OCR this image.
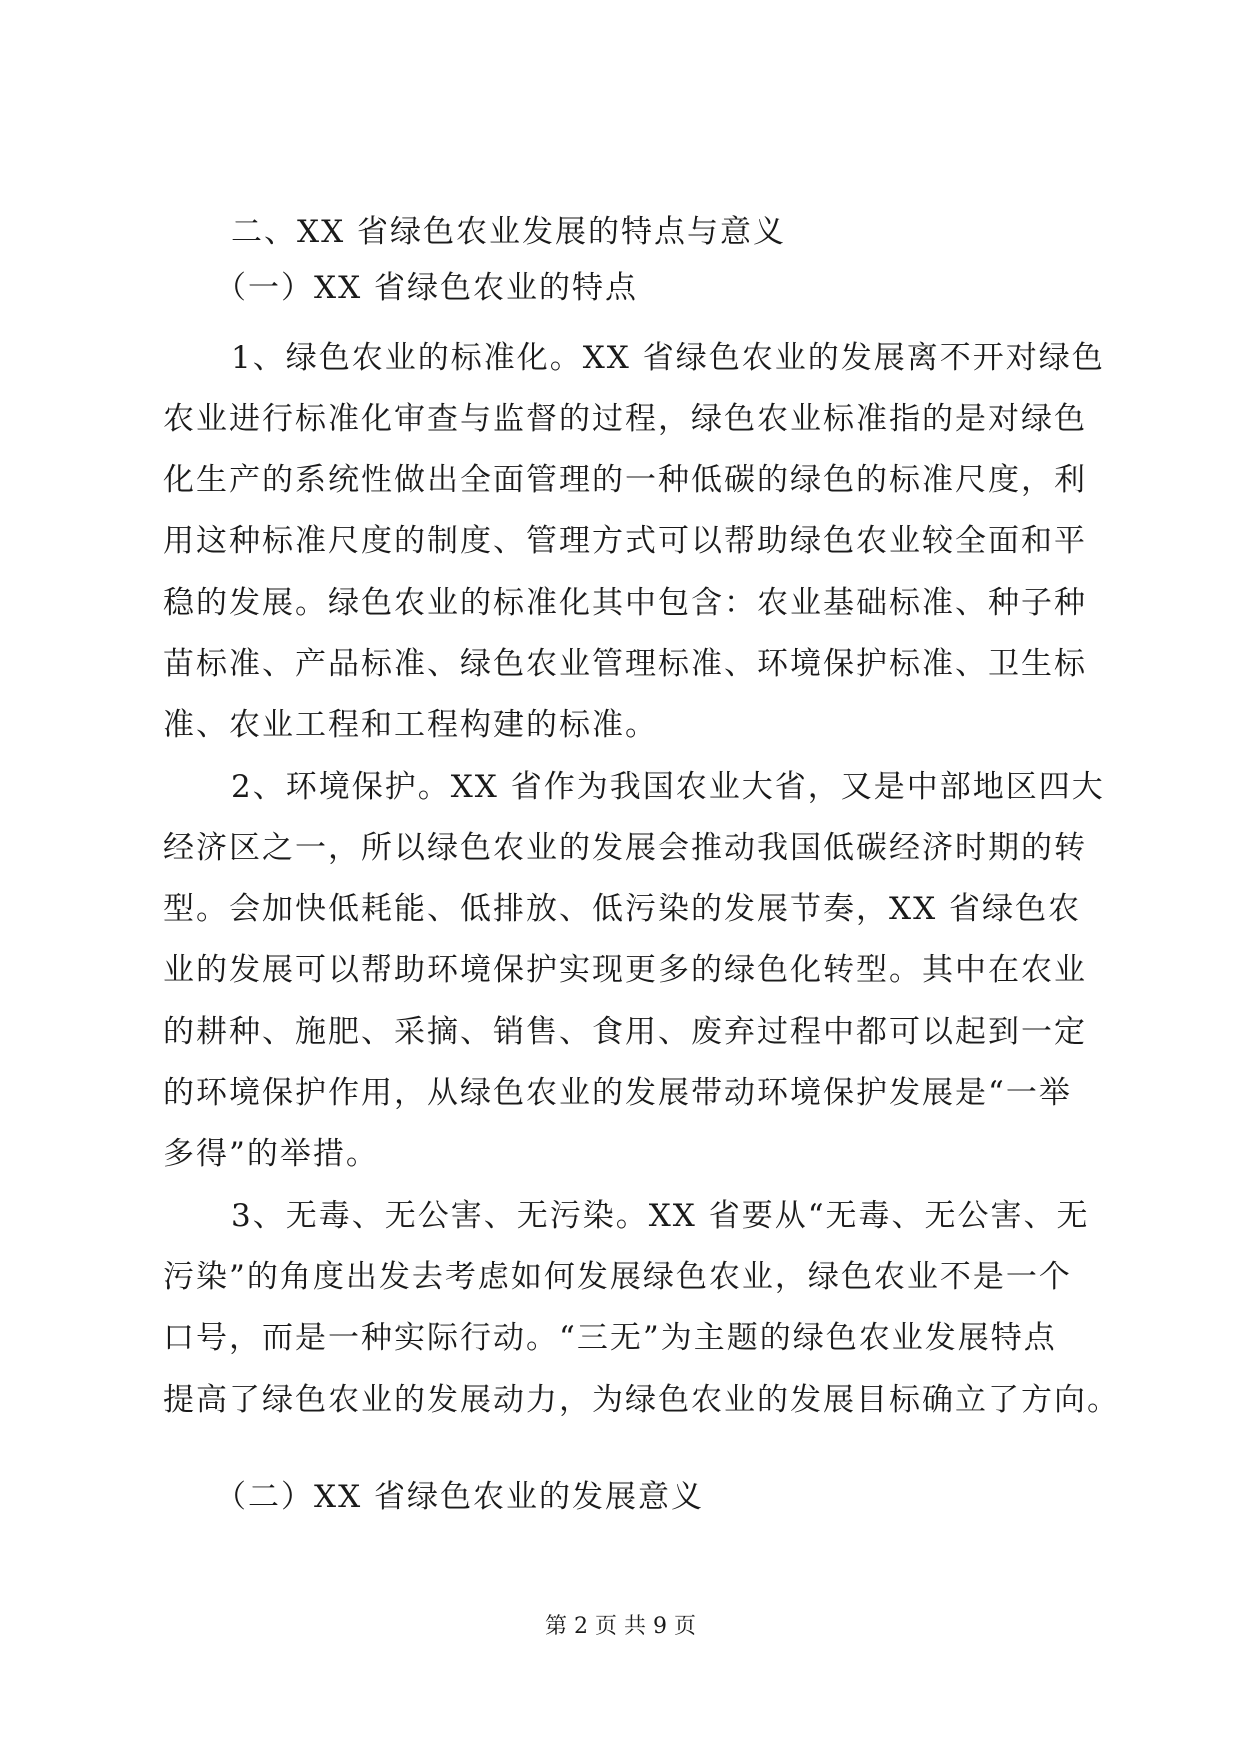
二、XX 省绿色农业发展的特点与意义
（一）XX 省绿色农业的特点
1、绿色农业的标准化。XX 省绿色农业的发展离不开对绿色
农业进行标准化审查与监督的过程，绿色农业标准指的是对绿色
化生产的系统性做出全面管理的一种低碳的绿色的标准尺度，利
用这种标准尺度的制度、管理方式可以帮助绿色农业较全面和平
稳的发展。绿色农业的标准化其中包含：农业基础标准、种子种
苗标准、产品标准、绿色农业管理标准、环境保护标准、卫生标
准、农业工程和工程构建的标准。
2、环境保护。XX 省作为我国农业大省，又是中部地区四大
经济区之一，所以绿色农业的发展会推动我国低碳经济时期的转
型。会加快低耗能、低排放、低污染的发展节奏，XX 省绿色农
业的发展可以帮助环境保护实现更多的绿色化转型。其中在农业
的耕种、施肥、采摘、销售、食用、废弃过程中都可以起到一定
的环境保护作用，从绿色农业的发展带动环境保护发展是“一举
多得”的举措。
3、无毒、无公害、无污染。XX 省要从“无毒、无公害、无
污染”的角度出发去考虑如何发展绿色农业，绿色农业不是一个
口号，而是一种实际行动。“三无”为主题的绿色农业发展特点
提高了绿色农业的发展动力，为绿色农业的发展目标确立了方向。
（二）XX 省绿色农业的发展意义
第 2 页 共 9 页
